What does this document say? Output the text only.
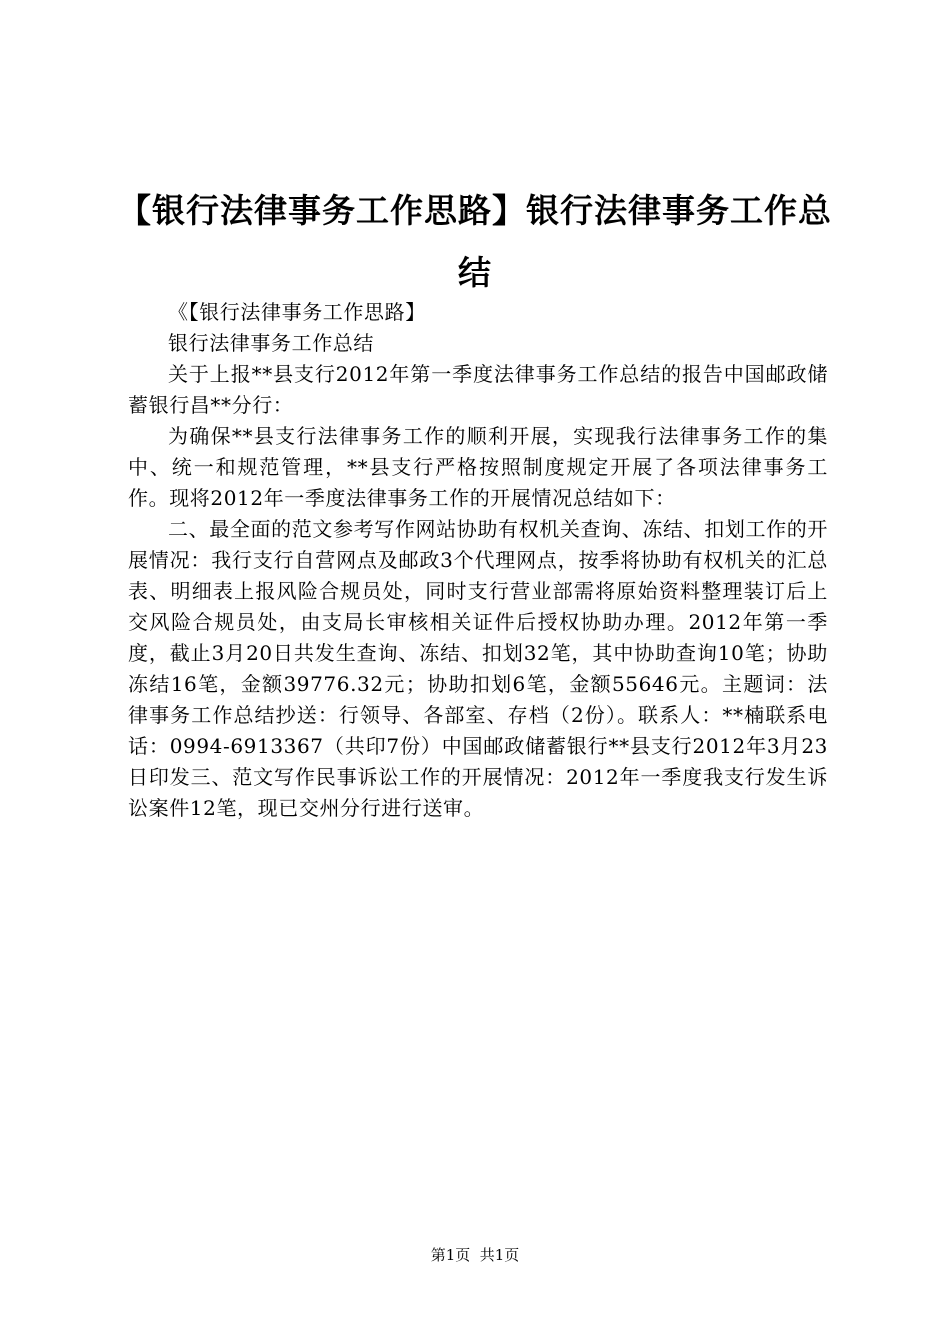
【银行法律事务工作思路】银行法律事务工作总结

《【银行法律事务工作思路】

银行法律事务工作总结

关于上报**县支行2012年第一季度法律事务工作总结的报告中国邮政储蓄银行昌**分行：

为确保**县支行法律事务工作的顺利开展，实现我行法律事务工作的集中、统一和规范管理，**县支行严格按照制度规定开展了各项法律事务工作。现将2012年一季度法律事务工作的开展情况总结如下：

二、最全面的范文参考写作网站协助有权机关查询、冻结、扣划工作的开展情况：我行支行自营网点及邮政3个代理网点，按季将协助有权机关的汇总表、明细表上报风险合规员处，同时支行营业部需将原始资料整理装订后上交风险合规员处，由支局长审核相关证件后授权协助办理。2012年第一季度，截止3月20日共发生查询、冻结、扣划32笔，其中协助查询10笔；协助冻结16笔，金额39776.32元；协助扣划6笔，金额55646元。主题词：法律事务工作总结抄送：行领导、各部室、存档（2份）。联系人：**楠联系电话：0994-6913367（共印7份）中国邮政储蓄银行**县支行2012年3月23日印发三、范文写作民事诉讼工作的开展情况：2012年一季度我支行发生诉讼案件12笔，现已交州分行进行送审。

第1页  共1页
